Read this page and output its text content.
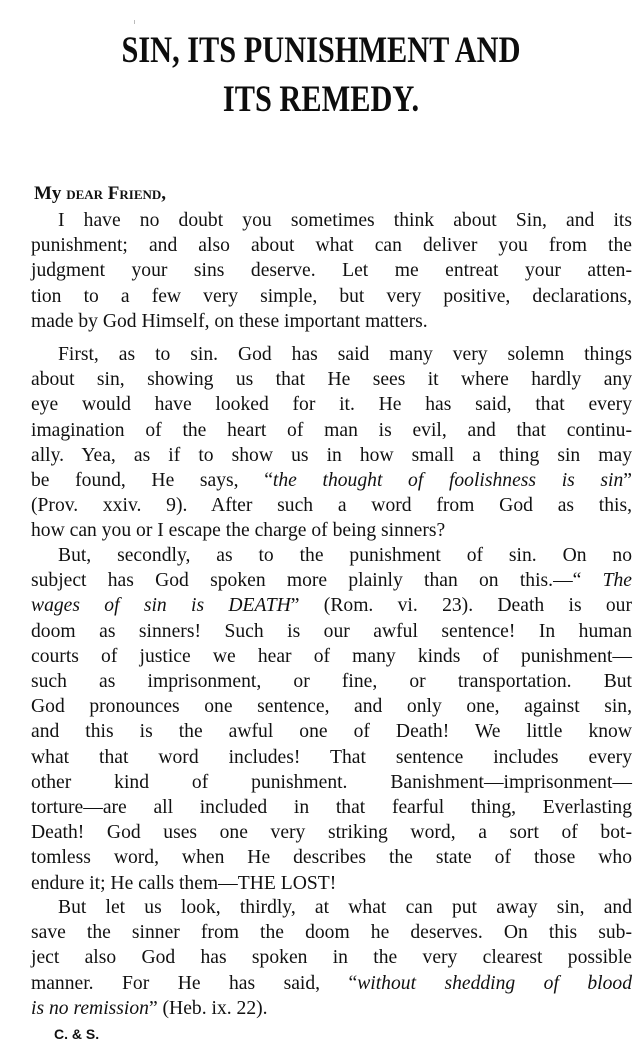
SIN, ITS PUNISHMENT AND
ITS REMEDY.
My dear Friend,
I have no doubt you sometimes think about Sin, and its
punishment; and also about what can deliver you from the
judgment your sins deserve. Let me entreat your atten-
tion to a few very simple, but very positive, declarations,
made by God Himself, on these important matters.
First, as to sin. God has said many very solemn things
about sin, showing us that He sees it where hardly any
eye would have looked for it. He has said, that every
imagination of the heart of man is evil, and that continu-
ally. Yea, as if to show us in how small a thing sin may
be found, He says, “the thought of foolishness is sin”
(Prov. xxiv. 9). After such a word from God as this,
how can you or I escape the charge of being sinners?
But, secondly, as to the punishment of sin. On no
subject has God spoken more plainly than on this.—“ The
wages of sin is DEATH” (Rom. vi. 23). Death is our
doom as sinners! Such is our awful sentence! In human
courts of justice we hear of many kinds of punishment—
such as imprisonment, or fine, or transportation. But
God pronounces one sentence, and only one, against sin,
and this is the awful one of Death! We little know
what that word includes! That sentence includes every
other kind of punishment. Banishment—imprisonment—
torture—are all included in that fearful thing, Everlasting
Death! God uses one very striking word, a sort of bot-
tomless word, when He describes the state of those who
endure it; He calls them—THE LOST!
But let us look, thirdly, at what can put away sin, and
save the sinner from the doom he deserves. On this sub-
ject also God has spoken in the very clearest possible
manner. For He has said, “without shedding of blood
is no remission” (Heb. ix. 22).
C. & S.
